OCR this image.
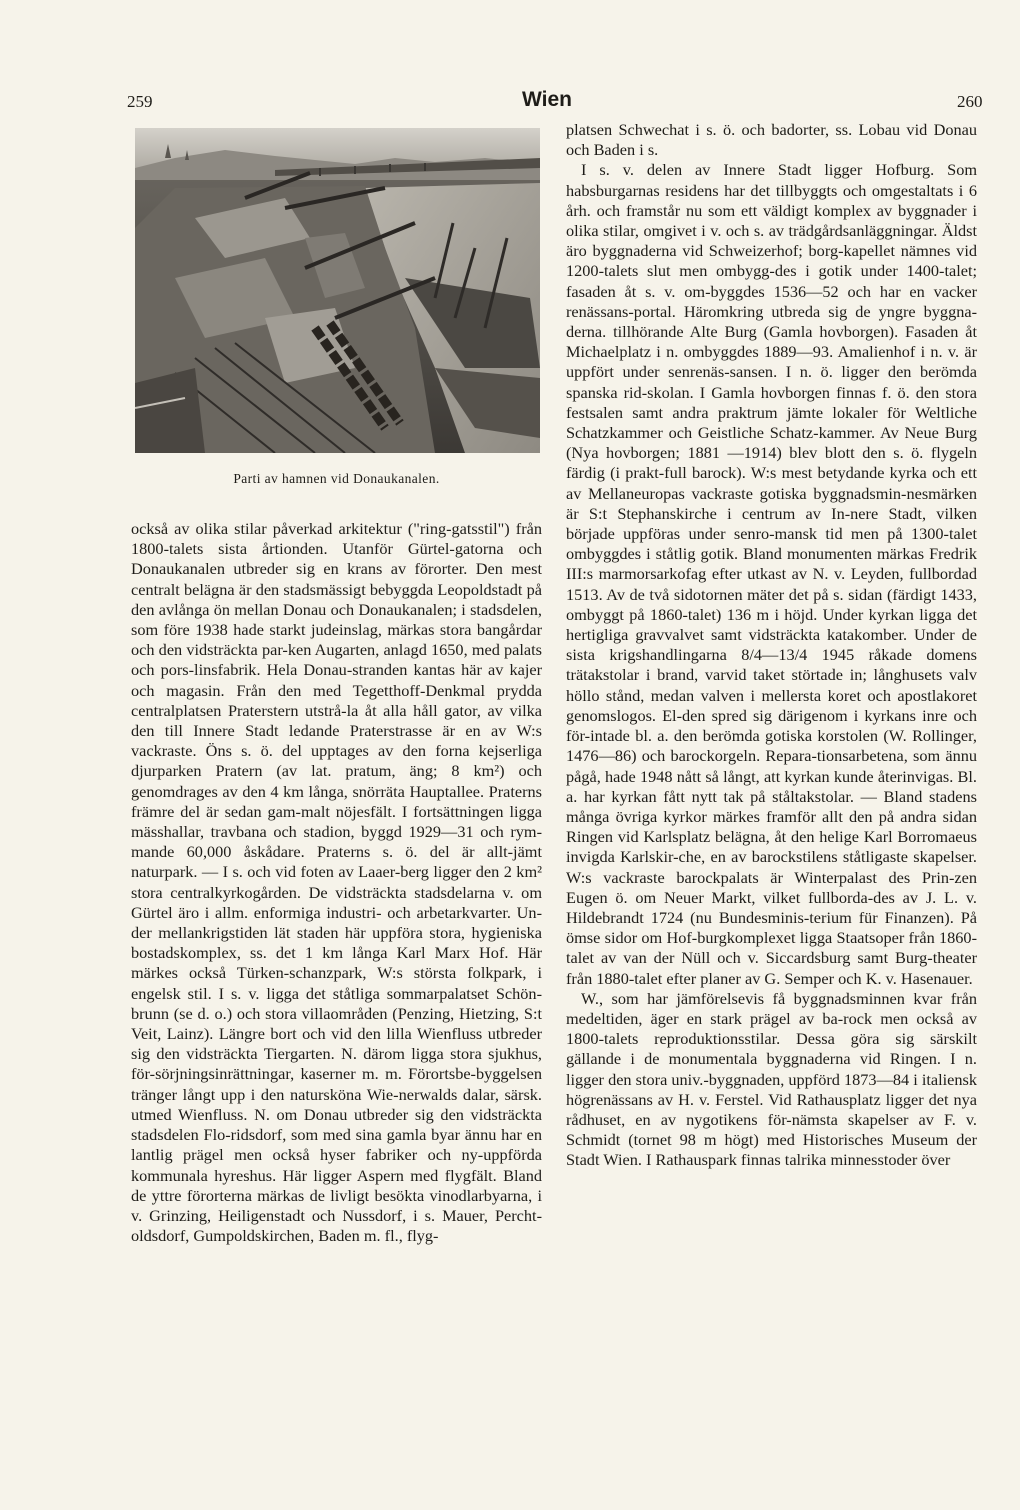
259	Wien	260
Parti av hamnen vid Donaukanalen.

också av olika stilar påverkad arkitektur ("ring-gatsstil") från 1800-talets sista årtionden. Utanför Gürtel-gatorna och Donaukanalen utbreder sig en krans av förorter. Den mest centralt belägna är den stadsmässigt bebyggda Leopoldstadt på den avlånga ön mellan Donau och Donaukanalen; i stadsdelen, som före 1938 hade starkt judeinslag, märkas stora bangårdar och den vidsträckta par-ken Augarten, anlagd 1650, med palats och pors-linsfabrik. Hela Donau-stranden kantas här av kajer och magasin. Från den med Tegetthoff-Denkmal prydda centralplatsen Praterstern utstrå-la åt alla håll gator, av vilka den till Innere Stadt ledande Praterstrasse är en av W:s vackraste. Öns s. ö. del upptages av den forna kejserliga djurparken Pratern (av lat. pratum, äng; 8 km²) och genomdrages av den 4 km långa, snörräta Hauptallee. Praterns främre del är sedan gam-malt nöjesfält. I fortsättningen ligga mässhallar, travbana och stadion, byggd 1929—31 och rym-mande 60,000 åskådare. Praterns s. ö. del är allt-jämt naturpark. — I s. och vid foten av Laaer-berg ligger den 2 km² stora centralkyrkogården. De vidsträckta stadsdelarna v. om Gürtel äro i allm. enformiga industri- och arbetarkvarter. Un-der mellankrigstiden lät staden här uppföra stora, hygieniska bostadskomplex, ss. det 1 km långa Karl Marx Hof. Här märkes också Türken-schanzpark, W:s största folkpark, i engelsk stil. I s. v. ligga det ståtliga sommarpalatset Schön-brunn (se d. o.) och stora villaområden (Penzing, Hietzing, S:t Veit, Lainz). Längre bort och vid den lilla Wienfluss utbreder sig den vidsträckta Tiergarten. N. därom ligga stora sjukhus, för-sörjningsinrättningar, kaserner m. m. Förortsbe-byggelsen tränger långt upp i den natursköna Wie-nerwalds dalar, särsk. utmed Wienfluss. N. om Donau utbreder sig den vidsträckta stadsdelen Flo-ridsdorf, som med sina gamla byar ännu har en lantlig prägel men också hyser fabriker och ny-uppförda kommunala hyreshus. Här ligger Aspern med flygfält. Bland de yttre förorterna märkas de livligt besökta vinodlarbyarna, i v. Grinzing, Heiligenstadt och Nussdorf, i s. Mauer, Percht-oldsdorf, Gumpoldskirchen, Baden m. fl., flyg-

platsen Schwechat i s. ö. och badorter, ss. Lobau vid Donau och Baden i s.

I s. v. delen av Innere Stadt ligger Hofburg. Som habsburgarnas residens har det tillbyggts och omgestaltats i 6 årh. och framstår nu som ett väldigt komplex av byggnader i olika stilar, omgivet i v. och s. av trädgårdsanläggningar. Äldst äro byggnaderna vid Schweizerhof; borg-kapellet nämnes vid 1200-talets slut men ombygg-des i gotik under 1400-talet; fasaden åt s. v. om-byggdes 1536—52 och har en vacker renässans-portal. Häromkring utbreda sig de yngre byggna-derna. tillhörande Alte Burg (Gamla hovborgen). Fasaden åt Michaelplatz i n. ombyggdes 1889—93. Amalienhof i n. v. är uppfört under senrenäs-sansen. I n. ö. ligger den berömda spanska rid-skolan. I Gamla hovborgen finnas f. ö. den stora festsalen samt andra praktrum jämte lokaler för Weltliche Schatzkammer och Geistliche Schatz-kammer. Av Neue Burg (Nya hovborgen; 1881 —1914) blev blott den s. ö. flygeln färdig (i prakt-full barock). W:s mest betydande kyrka och ett av Mellaneuropas vackraste gotiska byggnadsmin-nesmärken är S:t Stephanskirche i centrum av In-nere Stadt, vilken började uppföras under senro-mansk tid men på 1300-talet ombyggdes i ståtlig gotik. Bland monumenten märkas Fredrik III:s marmorsarkofag efter utkast av N. v. Leyden, fullbordad 1513. Av de två sidotornen mäter det på s. sidan (färdigt 1433, ombyggt på 1860-talet) 136 m i höjd. Under kyrkan ligga det hertigliga gravvalvet samt vidsträckta katakomber. Under de sista krigshandlingarna 8/4—13/4 1945 råkade domens trätakstolar i brand, varvid taket störtade in; långhusets valv höllo stånd, medan valven i mellersta koret och apostlakoret genomslogos. El-den spred sig därigenom i kyrkans inre och för-intade bl. a. den berömda gotiska korstolen (W. Rollinger, 1476—86) och barockorgeln. Repara-tionsarbetena, som ännu pågå, hade 1948 nått så långt, att kyrkan kunde återinvigas. Bl. a. har kyrkan fått nytt tak på ståltakstolar. — Bland stadens många övriga kyrkor märkes framför allt den på andra sidan Ringen vid Karlsplatz belägna, åt den helige Karl Borromaeus invigda Karlskir-che, en av barockstilens ståtligaste skapelser. W:s vackraste barockpalats är Winterpalast des Prin-zen Eugen ö. om Neuer Markt, vilket fullborda-des av J. L. v. Hildebrandt 1724 (nu Bundesminis-terium für Finanzen). På ömse sidor om Hof-burgkomplexet ligga Staatsoper från 1860-talet av van der Nüll och v. Siccardsburg samt Burg-theater från 1880-talet efter planer av G. Semper och K. v. Hasenauer.

W., som har jämförelsevis få byggnadsminnen kvar från medeltiden, äger en stark prägel av ba-rock men också av 1800-talets reproduktionsstilar. Dessa göra sig särskilt gällande i de monumentala byggnaderna vid Ringen. I n. ligger den stora univ.-byggnaden, uppförd 1873—84 i italiensk högrenässans av H. v. Ferstel. Vid Rathausplatz ligger det nya rådhuset, en av nygotikens för-nämsta skapelser av F. v. Schmidt (tornet 98 m högt) med Historisches Museum der Stadt Wien. I Rathauspark finnas talrika minnesstoder över
